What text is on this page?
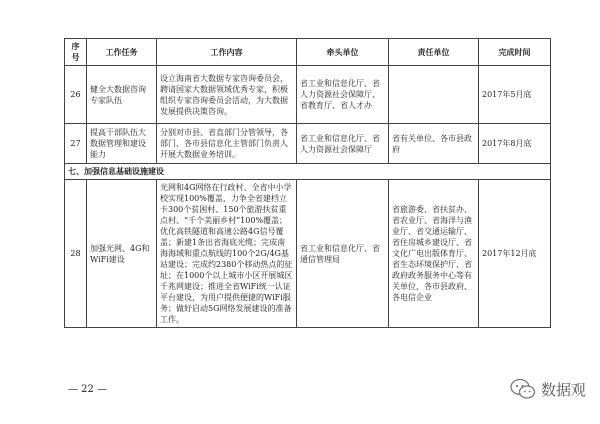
序号	工作任务	工作内容	牵头单位	责任单位	完成时间
26	健全大数据咨询专家队伍	设立海南省大数据专家咨询委员会，聘请国家大数据领域优秀专家，积极组织专家咨询委员会活动，为大数据发展提供决策咨询。	省工业和信息化厅、省人力资源社会保障厅、省教育厅、省人才办		2017年5月底
27	提高干部队伍大数据管理和建设能力	分别对市县、省直部门分管领导，各部门、各市县信息化主管部门负责人开展大数据业务培训。	省工业和信息化厅、省人力资源社会保障厅	省有关单位、各市县政府	2017年8月底
七、加强信息基础设施建设					
28	加强光网、4G和WiFi建设	光网和4G网络在行政村、全省中小学校实现100%覆盖，力争全省建档立卡300个贫困村、150个旅游扶贫重点村、“千个美丽乡村”100%覆盖；优化高铁隧道和高速公路4G信号覆盖；新建1条出省海底光缆；完成南海海域和重点航线的100个2G/4G基站建设；完成约2380个移动热点的征址；在1000个以上城市小区开展城区千兆网建设；推进全省WiFi统一认证平台建设，为用户提供便捷的WiFi服务；做好启动5G网络发展建设的准备工作。	省工业和信息化厅、省通信管理局	省旅游委、省扶贫办、省农业厅、省海洋与渔业厅、省交通运输厅、省住房城乡建设厅、省文化广电出版体育厅、省生态环境保护厅、省政府政务服务中心等有关单位，各市县政府、各电信企业	2017年12月底
— 22 —	数据观
